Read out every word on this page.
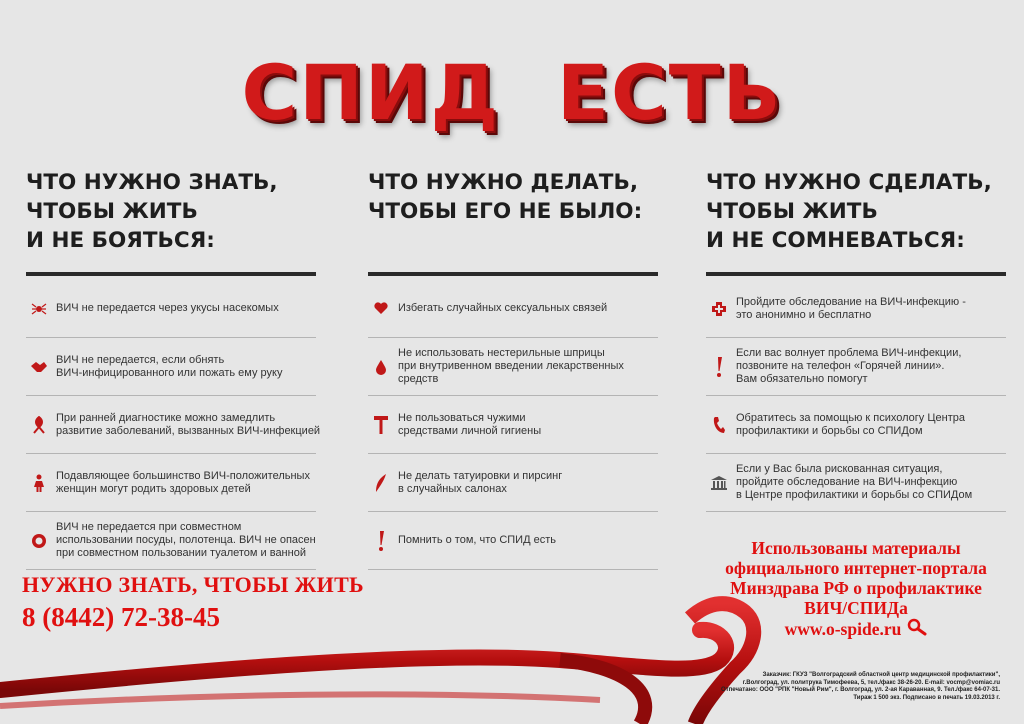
СПИД  ЕСТЬ
ЧТО НУЖНО ЗНАТЬ,
ЧТОБЫ ЖИТЬ
И НЕ БОЯТЬСЯ:
ВИЧ не передается через укусы насекомых
ВИЧ не передается, если обнять
ВИЧ-инфицированного или пожать ему руку
При ранней диагностике можно замедлить
развитие заболеваний, вызванных ВИЧ-инфекцией
Подавляющее большинство ВИЧ-положительных
женщин могут родить здоровых детей
ВИЧ не передается при совместном
использовании посуды, полотенца. ВИЧ не опасен
при совместном пользовании туалетом и ванной
ЧТО НУЖНО ДЕЛАТЬ,
ЧТОБЫ ЕГО НЕ БЫЛО:
Избегать случайных сексуальных связей
Не использовать нестерильные шприцы
при внутривенном введении лекарственных
средств
Не пользоваться чужими
средствами личной гигиены
Не делать татуировки и пирсинг
в случайных салонах
Помнить о том, что СПИД есть
ЧТО НУЖНО СДЕЛАТЬ,
ЧТОБЫ ЖИТЬ
И НЕ СОМНЕВАТЬСЯ:
Пройдите обследование на ВИЧ-инфекцию -
это анонимно и бесплатно
Если вас волнует проблема ВИЧ-инфекции,
позвоните на телефон «Горячей линии».
Вам обязательно помогут
Обратитесь за помощью к психологу Центра
профилактики и борьбы со СПИДом
Если у Вас была рискованная ситуация,
пройдите обследование на ВИЧ-инфекцию
в Центре профилактики и борьбы со СПИДом
НУЖНО ЗНАТЬ, ЧТОБЫ ЖИТЬ
8 (8442) 72-38-45
Использованы материалы
официального интернет-портала
Минздрава РФ о профилактике
ВИЧ/СПИДа
www.o-spide.ru
Заказчик: ГКУЗ "Волгоградский областной центр медицинской профилактики",
г.Волгоград, ул. политрука Тимофеева, 5, тел./факс 38-26-20. E-mail: vocmp@vomiac.ru
Отпечатано: ООО "РПК "Новый Рим", г. Волгоград, ул. 2-ая Караванная, 9. Тел./факс 64-07-31.
Тираж 1 500 экз. Подписано в печать 19.03.2013 г.
